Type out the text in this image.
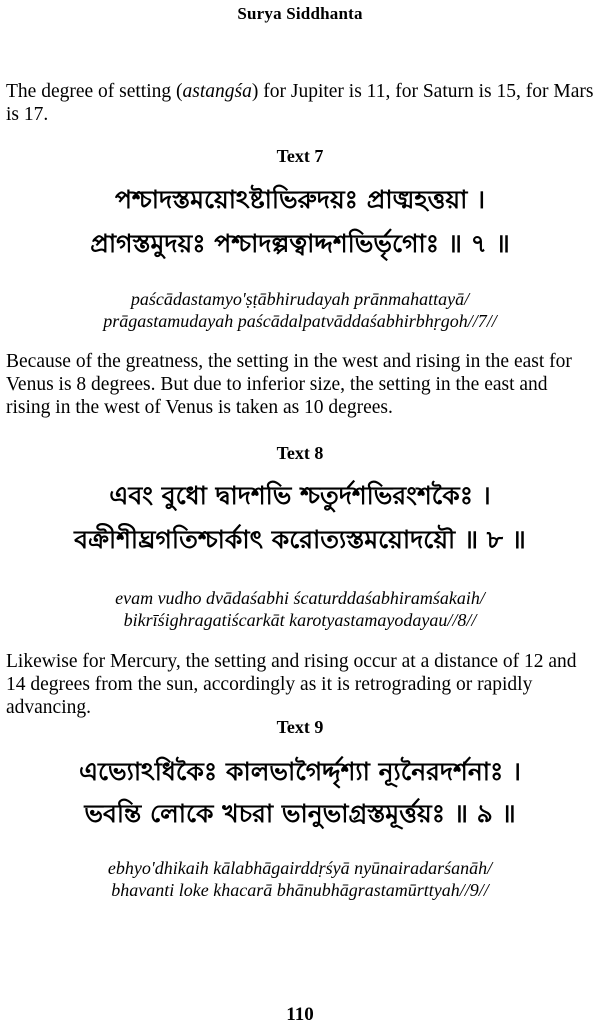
Surya Siddhanta
The degree of setting (astangśa) for Jupiter is 11, for Saturn is 15, for Mars is 17.
Text 7
পশ্চাদস্তময়োঽষ্টাভিরুদয়ঃ প্রাঙ্মহত্তয়া ।
প্রাগস্তমুদয়ঃ পশ্চাদল্পত্বাদ্দশভির্ভৃগোঃ ॥ ৭ ॥
paścādastamyo'ṣṭābhirudayah prānmahattayā/
prāgastamudayah paścādalpatvāddaśabhirbhṛgoh//7//
Because of the greatness, the setting in the west and rising in the east for Venus is 8 degrees. But due to inferior size, the setting in the east and rising in the west of Venus is taken as 10 degrees.
Text 8
এবং বুধো দ্বাদশভি শ্চতুর্দশভিরংশকৈঃ ।
বক্রীশীঘ্রগতিশ্চার্কাৎ করোত্যস্তময়োদয়ৌ ॥ ৮ ॥
evam vudho dvādaśabhi ścaturddaśabhiramśakaih/
bikrīśighragatiścarkāt karotyastamayodayau//8//
Likewise for Mercury, the setting and rising occur at a distance of 12 and 14 degrees from the sun, accordingly as it is retrograding or rapidly advancing.
Text 9
এভ্যোঽধিকৈঃ কালভাগৈর্দ্দৃশ্যা ন্যূনৈরদর্শনাঃ ।
ভবন্তি লোকে খচরা ভানুভাগ্রস্তমূর্ত্তয়ঃ ॥ ৯ ॥
ebhyo'dhikaih kālabhāgairddṛśyā nyūnairadarśanāh/
bhavanti loke khacarā bhānubhāgrastamūrttyah//9//
110
